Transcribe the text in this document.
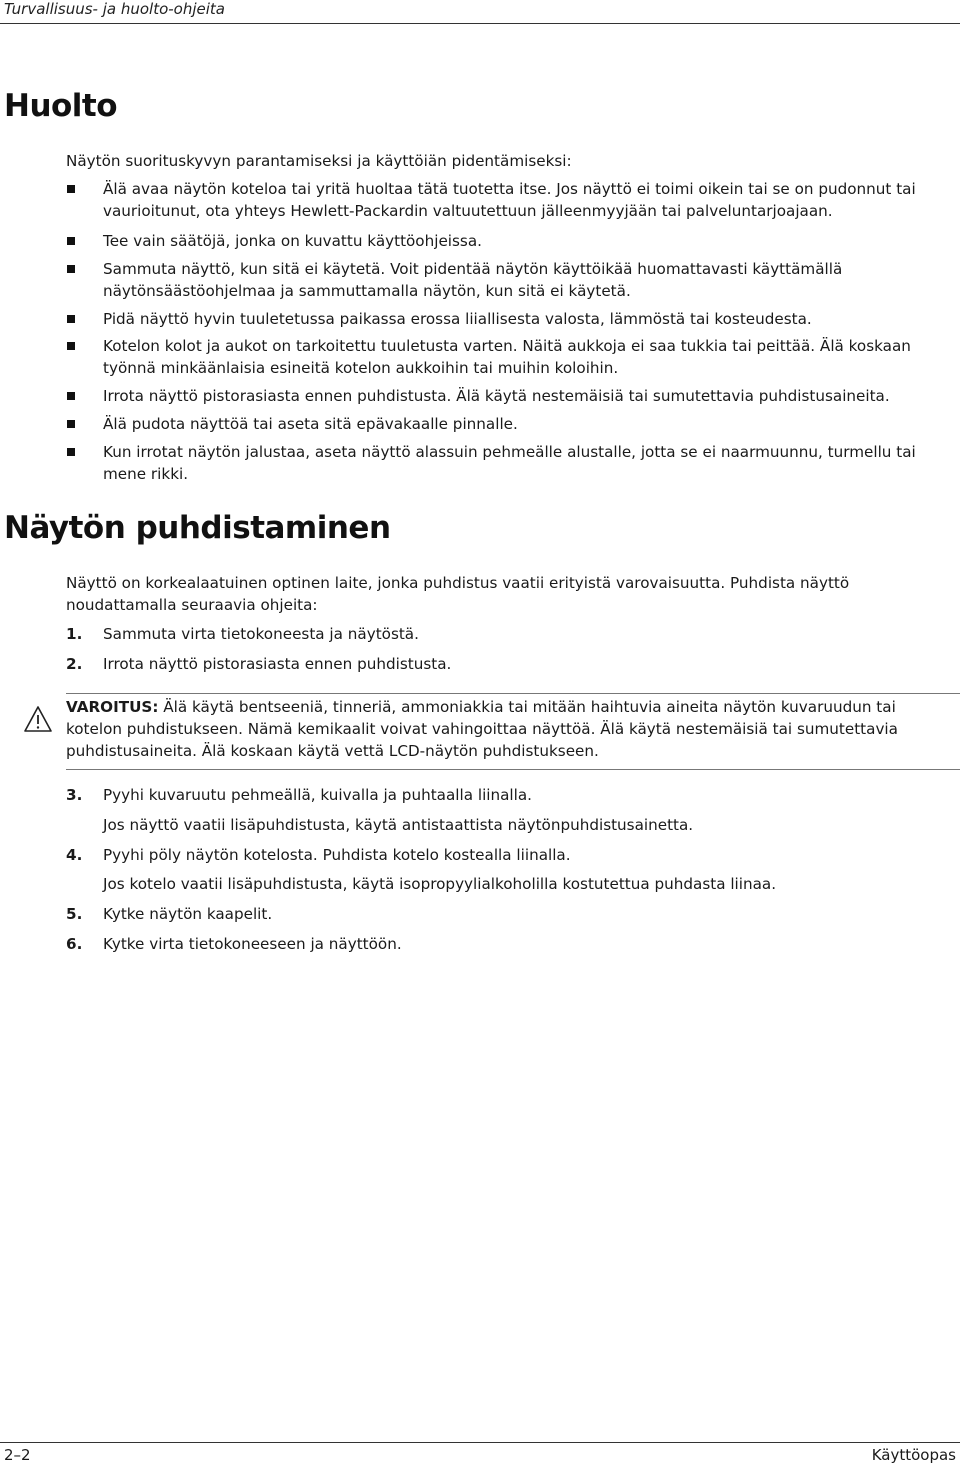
Turvallisuus- ja huolto-ohjeita
Huolto

Näytön suorituskyvyn parantamiseksi ja käyttöiän pidentämiseksi:

Älä avaa näytön koteloa tai yritä huoltaa tätä tuotetta itse. Jos näyttö ei toimi oikein tai se on pudonnut tai vaurioitunut, ota yhteys Hewlett-Packardin valtuutettuun jälleenmyyjään tai palveluntarjoajaan.
Tee vain säätöjä, jonka on kuvattu käyttöohjeissa.
Sammuta näyttö, kun sitä ei käytetä. Voit pidentää näytön käyttöikää huomattavasti käyttämällä näytönsäästöohjelmaa ja sammuttamalla näytön, kun sitä ei käytetä.
Pidä näyttö hyvin tuuletetussa paikassa erossa liiallisesta valosta, lämmöstä tai kosteudesta.
Kotelon kolot ja aukot on tarkoitettu tuuletusta varten. Näitä aukkoja ei saa tukkia tai peittää. Älä koskaan työnnä minkäänlaisia esineitä kotelon aukkoihin tai muihin koloihin.
Irrota näyttö pistorasiasta ennen puhdistusta. Älä käytä nestemäisiä tai sumutettavia puhdistusaineita.
Älä pudota näyttöä tai aseta sitä epävakaalle pinnalle.
Kun irrotat näytön jalustaa, aseta näyttö alassuin pehmeälle alustalle, jotta se ei naarmuunnu, turmellu tai mene rikki.
Näytön puhdistaminen

Näyttö on korkealaatuinen optinen laite, jonka puhdistus vaatii erityistä varovaisuutta. Puhdista näyttö noudattamalla seuraavia ohjeita:

1. Sammuta virta tietokoneesta ja näytöstä.
2. Irrota näyttö pistorasiasta ennen puhdistusta.
VAROITUS: Älä käytä bentseeniä, tinneriä, ammoniakkia tai mitään haihtuvia aineita näytön kuvaruudun tai kotelon puhdistukseen. Nämä kemikaalit voivat vahingoittaa näyttöä. Älä käytä nestemäisiä tai sumutettavia puhdistusaineita. Älä koskaan käytä vettä LCD-näytön puhdistukseen.
3. Pyyhi kuvaruutu pehmeällä, kuivalla ja puhtaalla liinalla.
Jos näyttö vaatii lisäpuhdistusta, käytä antistaattista näytönpuhdistusainetta.
4. Pyyhi pöly näytön kotelosta. Puhdista kotelo kostealla liinalla.
Jos kotelo vaatii lisäpuhdistusta, käytä isopropyylialkoholilla kostutettua puhdasta liinaa.
5. Kytke näytön kaapelit.
6. Kytke virta tietokoneeseen ja näyttöön.
2–2	Käyttöopas
